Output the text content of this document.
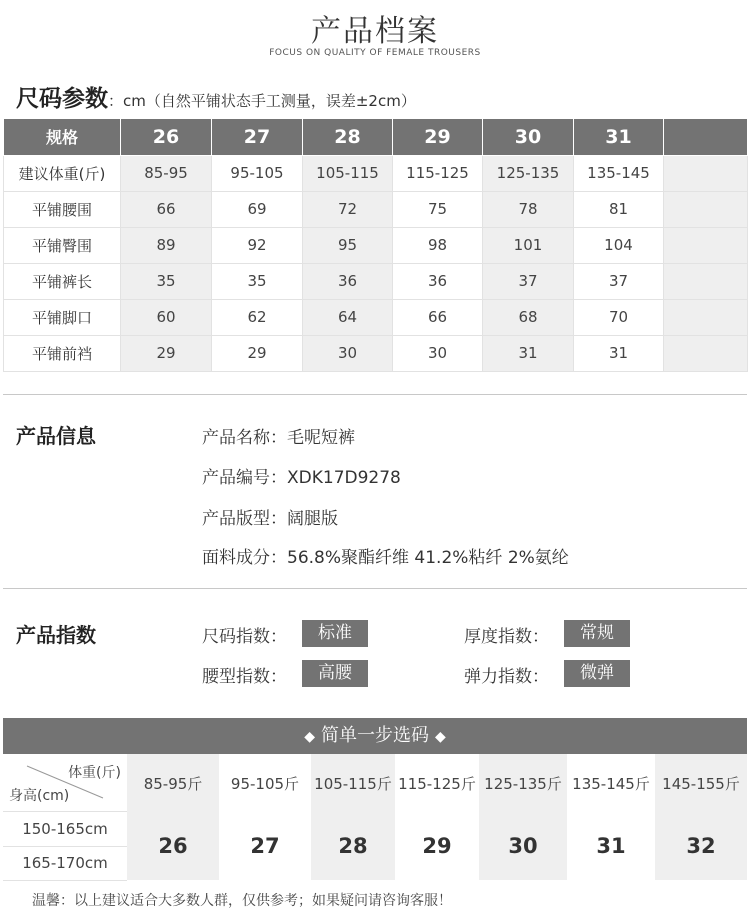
产品档案
FOCUS ON QUALITY OF FEMALE TROUSERS
尺码参数：cm（自然平铺状态手工测量，误差±2cm）
规格	26	27	28	29	30	31	
建议体重(斤)	85-95	95-105	105-115	115-125	125-135	135-145	
平铺腰围	66	69	72	75	78	81	
平铺臀围	89	92	95	98	101	104	
平铺裤长	35	35	36	36	37	37	
平铺脚口	60	62	64	66	68	70	
平铺前裆	29	29	30	30	31	31	
产品信息	产品名称：毛呢短裤
产品编号：XDK17D9278
产品版型：阔腿版
面料成分：56.8%聚酯纤维 41.2%粘纤 2%氨纶
产品指数	尺码指数：	标准	厚度指数：	常规
腰型指数：	高腰	弹力指数：	微弹
◆ 简单一步选码 ◆
体重(斤)
身高(cm)	85-95斤	95-105斤	105-115斤	115-125斤	125-135斤	135-145斤	145-155斤
150-165cm	26	27	28	29	30	31	32
165-170cm							
温馨：以上建议适合大多数人群，仅供参考；如果疑问请咨询客服！
